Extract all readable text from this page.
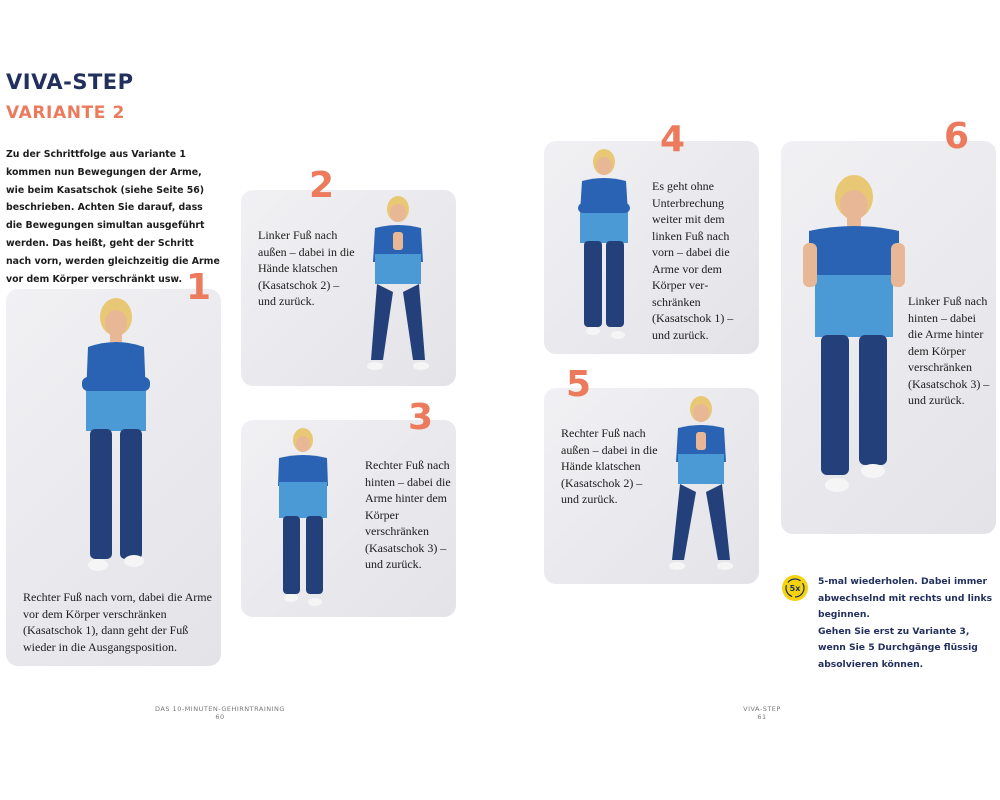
VIVA-STEP
VARIANTE 2

Zu der Schrittfolge aus Variante 1 kommen nun Bewegungen der Arme, wie beim Kasatschok (siehe Seite 56) beschrieben. Achten Sie darauf, dass die Bewegungen simultan ausgeführt werden. Das heißt, geht der Schritt nach vorn, werden gleichzeitig die Arme vor dem Körper verschränkt usw. 1

Rechter Fuß nach vorn, dabei die Arme vor dem Körper verschränken (Kasatschok 1), dann geht der Fuß wieder in die Ausgangsposition.

2

Linker Fuß nach außen – dabei in die Hände klatschen (Kasatschok 2) – und zurück.

3

Rechter Fuß nach hinten – dabei die Arme hinter dem Körper verschränken (Kasatschok 3) – und zurück.

DAS 10-MINUTEN-GEHIRNTRAINING
60
4

Es geht ohne Unterbrechung weiter mit dem linken Fuß nach vorn – dabei die Arme vor dem Körper verschränken (Kasatschok 1) – und zurück.

5

Rechter Fuß nach außen – dabei in die Hände klatschen (Kasatschok 2) – und zurück.

6

Linker Fuß nach hinten – dabei die Arme hinter dem Körper verschränken (Kasatschok 3) – und zurück.

5x

5-mal wiederholen. Dabei immer abwechselnd mit rechts und links beginnen.

Gehen Sie erst zu Variante 3, wenn Sie 5 Durchgänge flüssig absolvieren können.

VIVA-STEP
61
